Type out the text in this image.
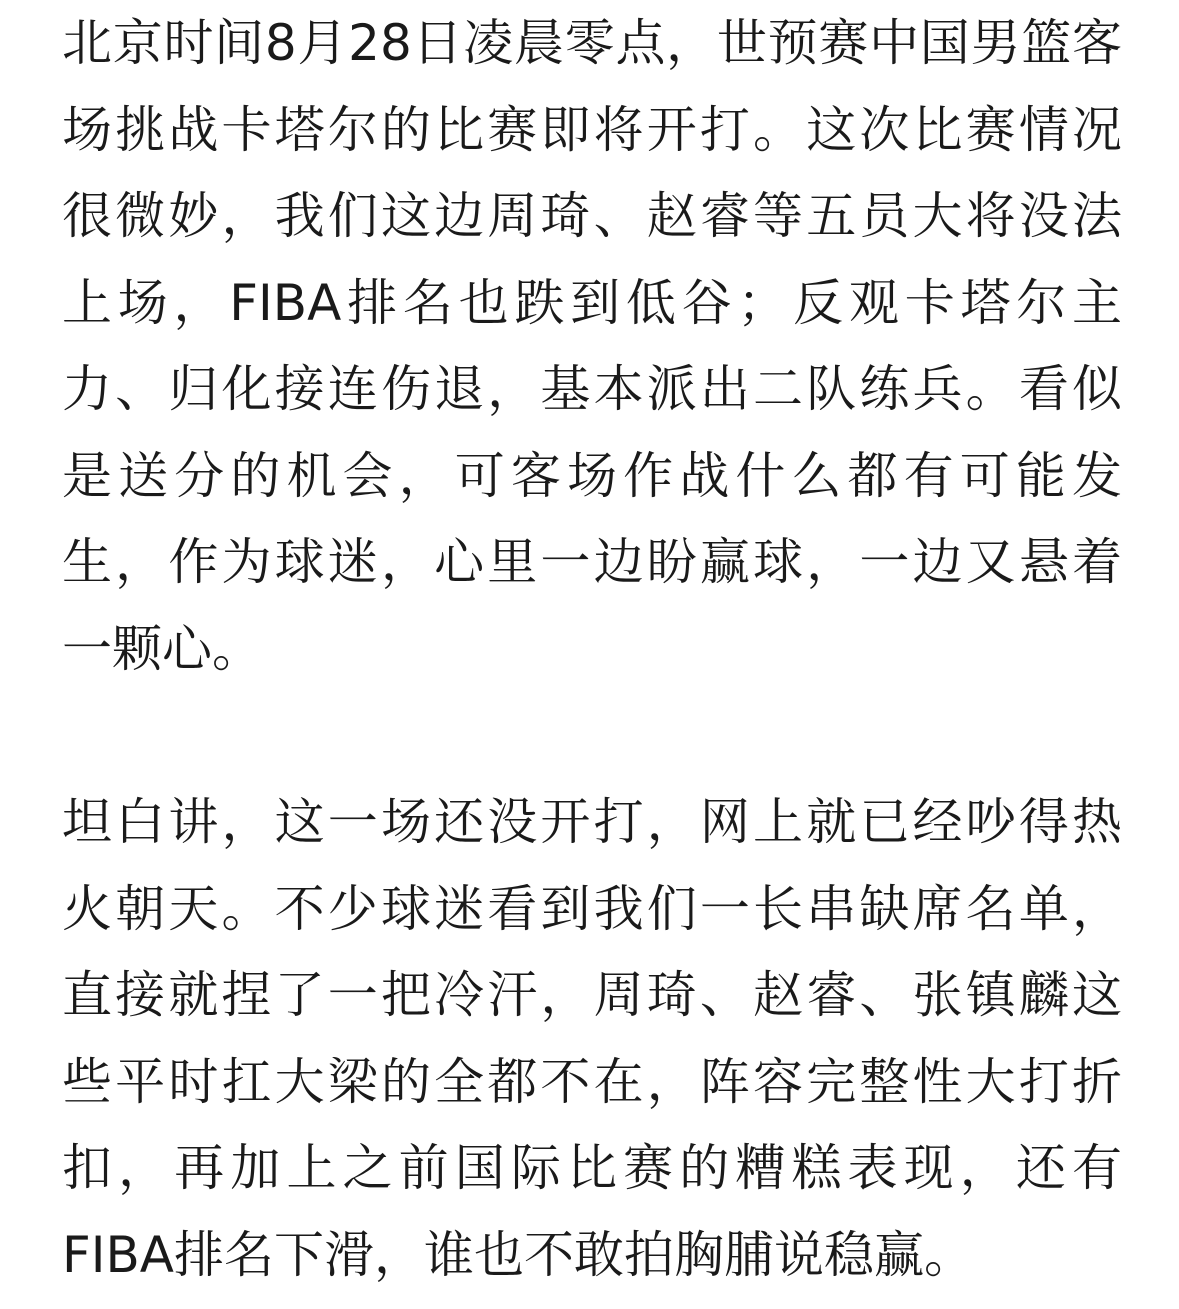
北京时间8月28日凌晨零点，世预赛中国男篮客
场挑战卡塔尔的比赛即将开打。这次比赛情况
很微妙，我们这边周琦、赵睿等五员大将没法
上场，FIBA排名也跌到低谷；反观卡塔尔主
力、归化接连伤退，基本派出二队练兵。看似
是送分的机会，可客场作战什么都有可能发
生，作为球迷，心里一边盼赢球，一边又悬着
一颗心。
坦白讲，这一场还没开打，网上就已经吵得热
火朝天。不少球迷看到我们一长串缺席名单，
直接就捏了一把冷汗，周琦、赵睿、张镇麟这
些平时扛大梁的全都不在，阵容完整性大打折
扣，再加上之前国际比赛的糟糕表现，还有
FIBA排名下滑，谁也不敢拍胸脯说稳赢。
